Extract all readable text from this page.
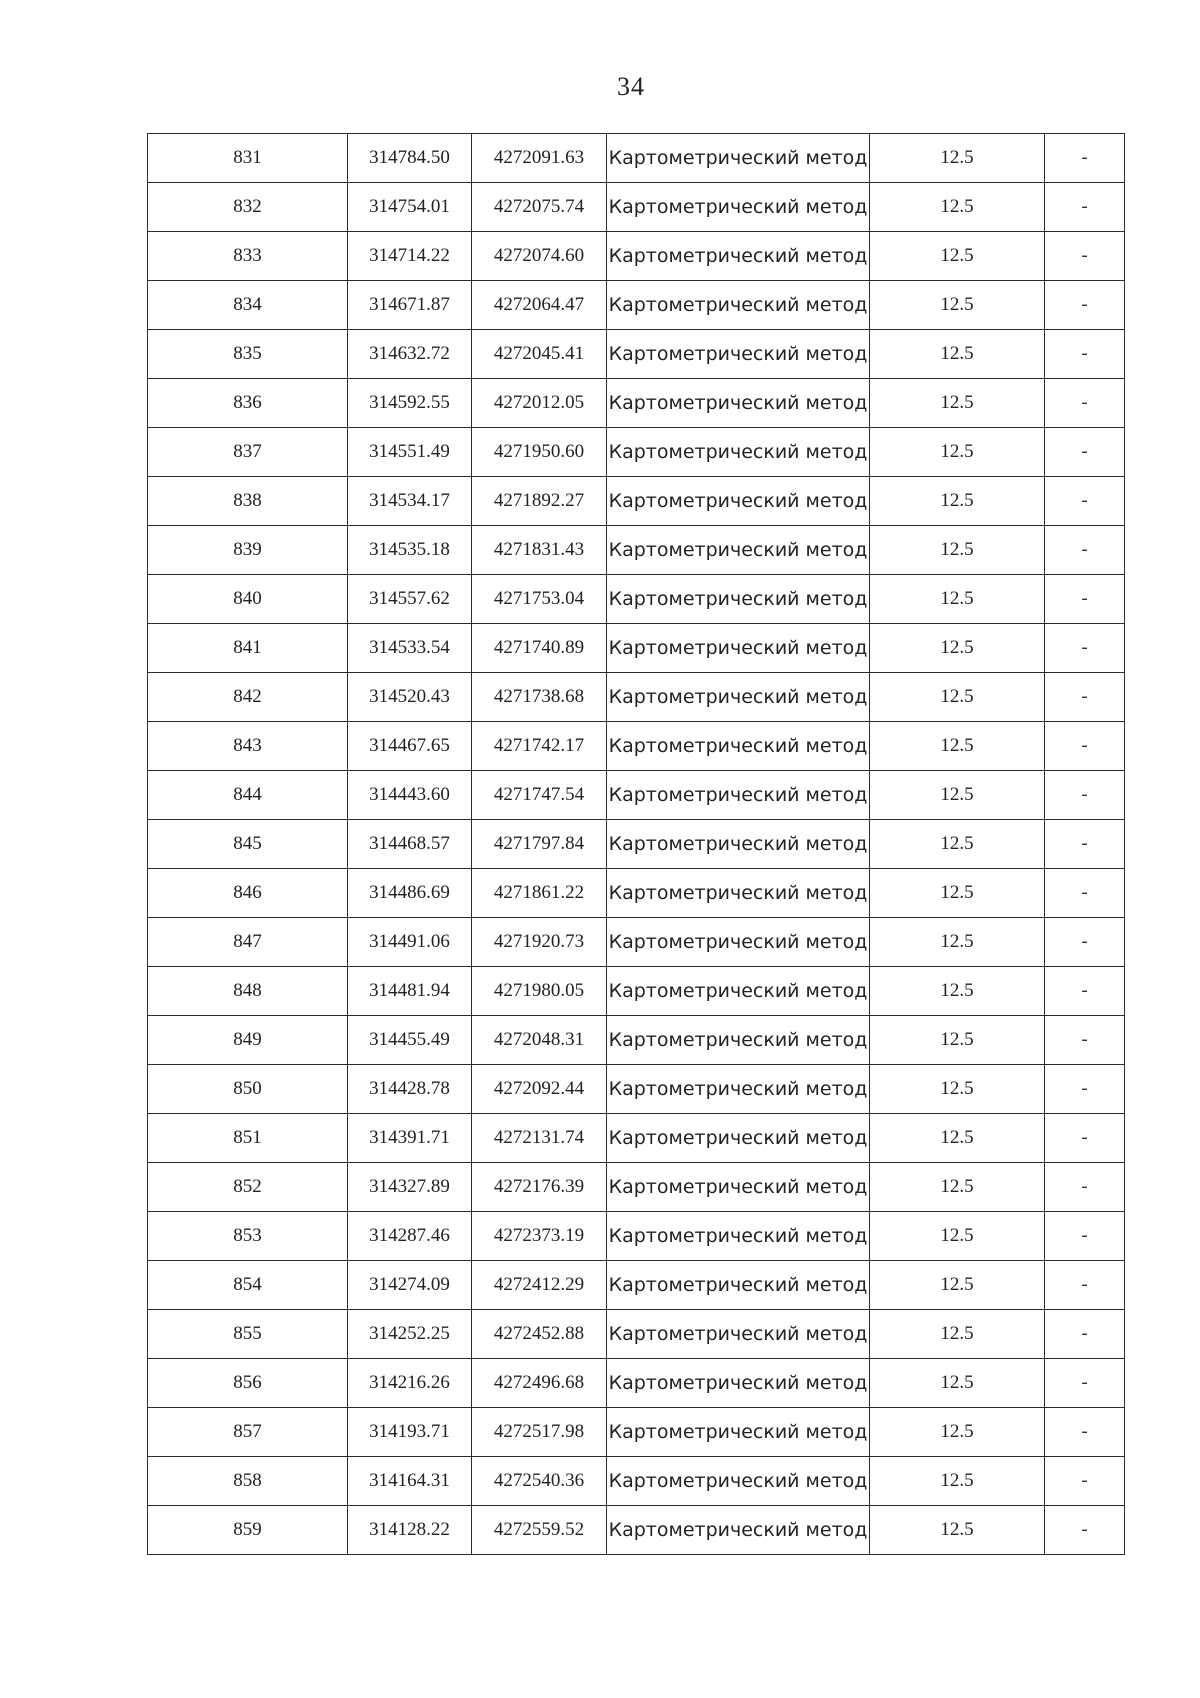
34
831	314784.50	4272091.63	Картометрический метод	12.5	-
832	314754.01	4272075.74	Картометрический метод	12.5	-
833	314714.22	4272074.60	Картометрический метод	12.5	-
834	314671.87	4272064.47	Картометрический метод	12.5	-
835	314632.72	4272045.41	Картометрический метод	12.5	-
836	314592.55	4272012.05	Картометрический метод	12.5	-
837	314551.49	4271950.60	Картометрический метод	12.5	-
838	314534.17	4271892.27	Картометрический метод	12.5	-
839	314535.18	4271831.43	Картометрический метод	12.5	-
840	314557.62	4271753.04	Картометрический метод	12.5	-
841	314533.54	4271740.89	Картометрический метод	12.5	-
842	314520.43	4271738.68	Картометрический метод	12.5	-
843	314467.65	4271742.17	Картометрический метод	12.5	-
844	314443.60	4271747.54	Картометрический метод	12.5	-
845	314468.57	4271797.84	Картометрический метод	12.5	-
846	314486.69	4271861.22	Картометрический метод	12.5	-
847	314491.06	4271920.73	Картометрический метод	12.5	-
848	314481.94	4271980.05	Картометрический метод	12.5	-
849	314455.49	4272048.31	Картометрический метод	12.5	-
850	314428.78	4272092.44	Картометрический метод	12.5	-
851	314391.71	4272131.74	Картометрический метод	12.5	-
852	314327.89	4272176.39	Картометрический метод	12.5	-
853	314287.46	4272373.19	Картометрический метод	12.5	-
854	314274.09	4272412.29	Картометрический метод	12.5	-
855	314252.25	4272452.88	Картометрический метод	12.5	-
856	314216.26	4272496.68	Картометрический метод	12.5	-
857	314193.71	4272517.98	Картометрический метод	12.5	-
858	314164.31	4272540.36	Картометрический метод	12.5	-
859	314128.22	4272559.52	Картометрический метод	12.5	-
